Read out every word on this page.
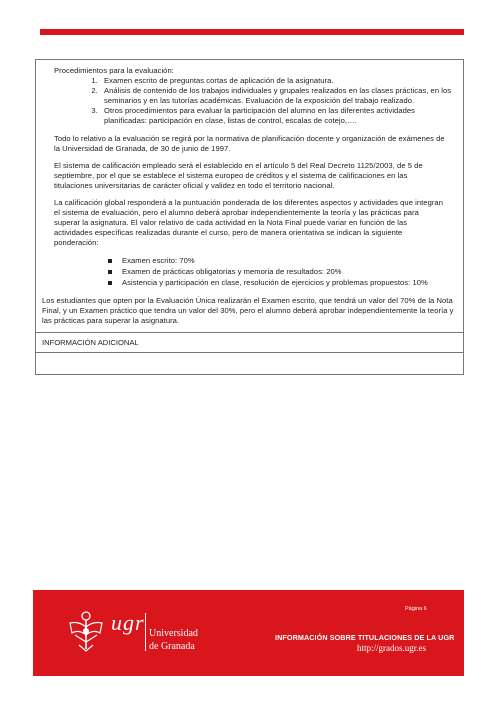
Procedimientos para la evaluación:
1. Examen escrito de preguntas cortas de aplicación de la asignatura.
2. Análisis de contenido de los trabajos individuales y grupales realizados en las clases prácticas, en los seminarios y en las tutorías académicas. Evaluación de la exposición del trabajo realizado.
3. Otros procedimientos para evaluar la participación del alumno en las diferentes actividades planificadas: participación en clase, listas de control, escalas de cotejo,….

Todo lo relativo a la evaluación se regirá por la normativa de planificación docente y organización de exámenes de la Universidad de Granada, de 30 de junio de 1997.

El sistema de calificación empleado será el establecido en el artículo 5 del Real Decreto 1125/2003, de 5 de septiembre, por el que se establece el sistema europeo de créditos y el sistema de calificaciones en las titulaciones universitarias de carácter oficial y validez en todo el territorio nacional.

La calificación global responderá a la puntuación ponderada de los diferentes aspectos y actividades que integran el sistema de evaluación, pero el alumno deberá aprobar independientemente la teoría y las prácticas para superar la asignatura. El valor relativo de cada actividad en la Nota Final puede variar en función de las actividades específicas realizadas durante el curso, pero de manera orientativa se indican la siguiente ponderación:

Examen escrito: 70%
Examen de prácticas obligatorias y memoria de resultados: 20%
Asistencia y participación en clase, resolución de ejercicios y problemas propuestos: 10%

Los estudiantes que opten por la Evaluación Única realizarán el Examen escrito, que tendrá un valor del 70% de la Nota Final, y un Examen práctico que tendra un valor del 30%, pero el alumno deberá aprobar independientemente la teoría y las prácticas para superar la asignatura.

INFORMACIÓN ADICIONAL
ugr Universidad
de Granada
Página 6
INFORMACIÓN SOBRE TITULACIONES DE LA UGR
http://grados.ugr.es
